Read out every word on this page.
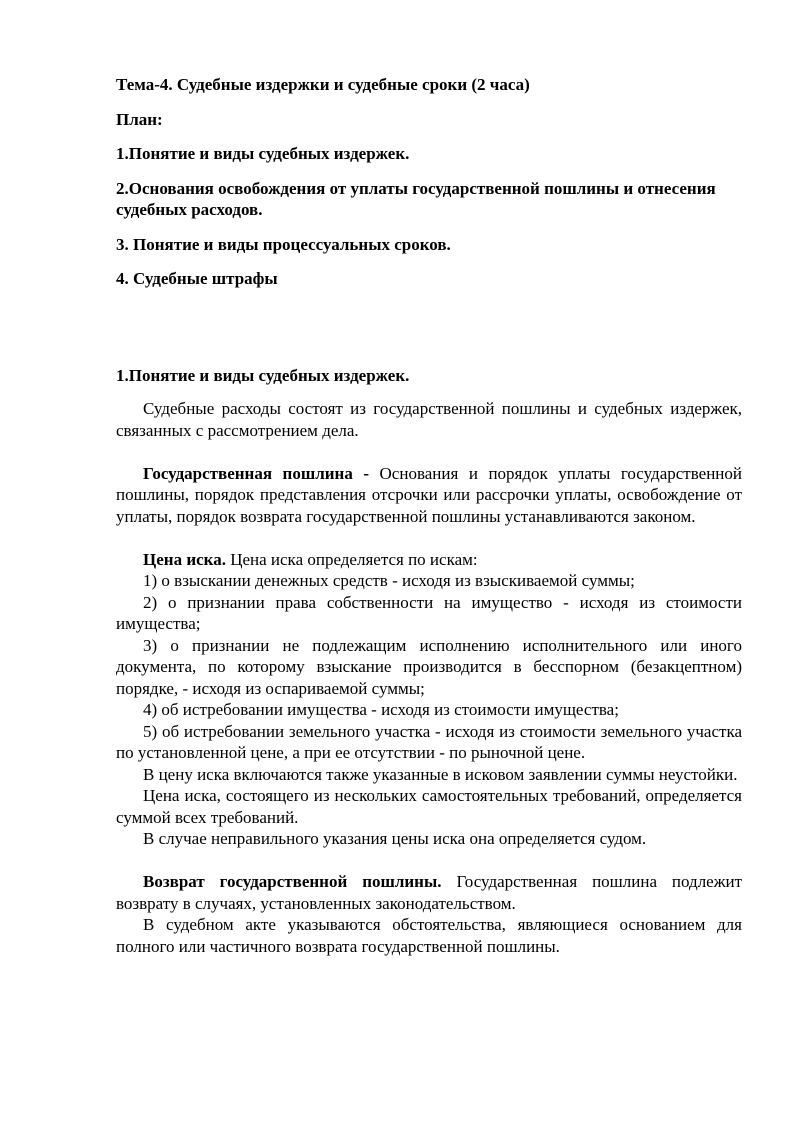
Тема-4. Судебные издержки и судебные сроки (2 часа)
План:
1.Понятие и виды судебных издержек.
2.Основания освобождения от уплаты государственной пошлины и отнесения судебных расходов.
3. Понятие и виды процессуальных сроков.
4. Судебные штрафы
1.Понятие и виды судебных издержек.

Судебные расходы состоят из государственной пошлины и судебных издержек, связанных с рассмотрением дела.

Государственная пошлина - Основания и порядок уплаты государственной пошлины, порядок представления отсрочки или рассрочки уплаты, освобождение от уплаты, порядок возврата государственной пошлины устанавливаются законом.

Цена иска. Цена иска определяется по искам:

1) о взыскании денежных средств - исходя из взыскиваемой суммы;

2) о признании права собственности на имущество - исходя из стоимости имущества;

3) о признании не подлежащим исполнению исполнительного или иного документа, по которому взыскание производится в бесспорном (безакцептном) порядке, - исходя из оспариваемой суммы;

4) об истребовании имущества - исходя из стоимости имущества;

5) об истребовании земельного участка - исходя из стоимости земельного участка по установленной цене, а при ее отсутствии - по рыночной цене.

В цену иска включаются также указанные в исковом заявлении суммы неустойки.

Цена иска, состоящего из нескольких самостоятельных требований, определяется суммой всех требований.

В случае неправильного указания цены иска она определяется судом.

Возврат государственной пошлины. Государственная пошлина подлежит возврату в случаях, установленных законодательством.

В судебном акте указываются обстоятельства, являющиеся основанием для полного или частичного возврата государственной пошлины.
